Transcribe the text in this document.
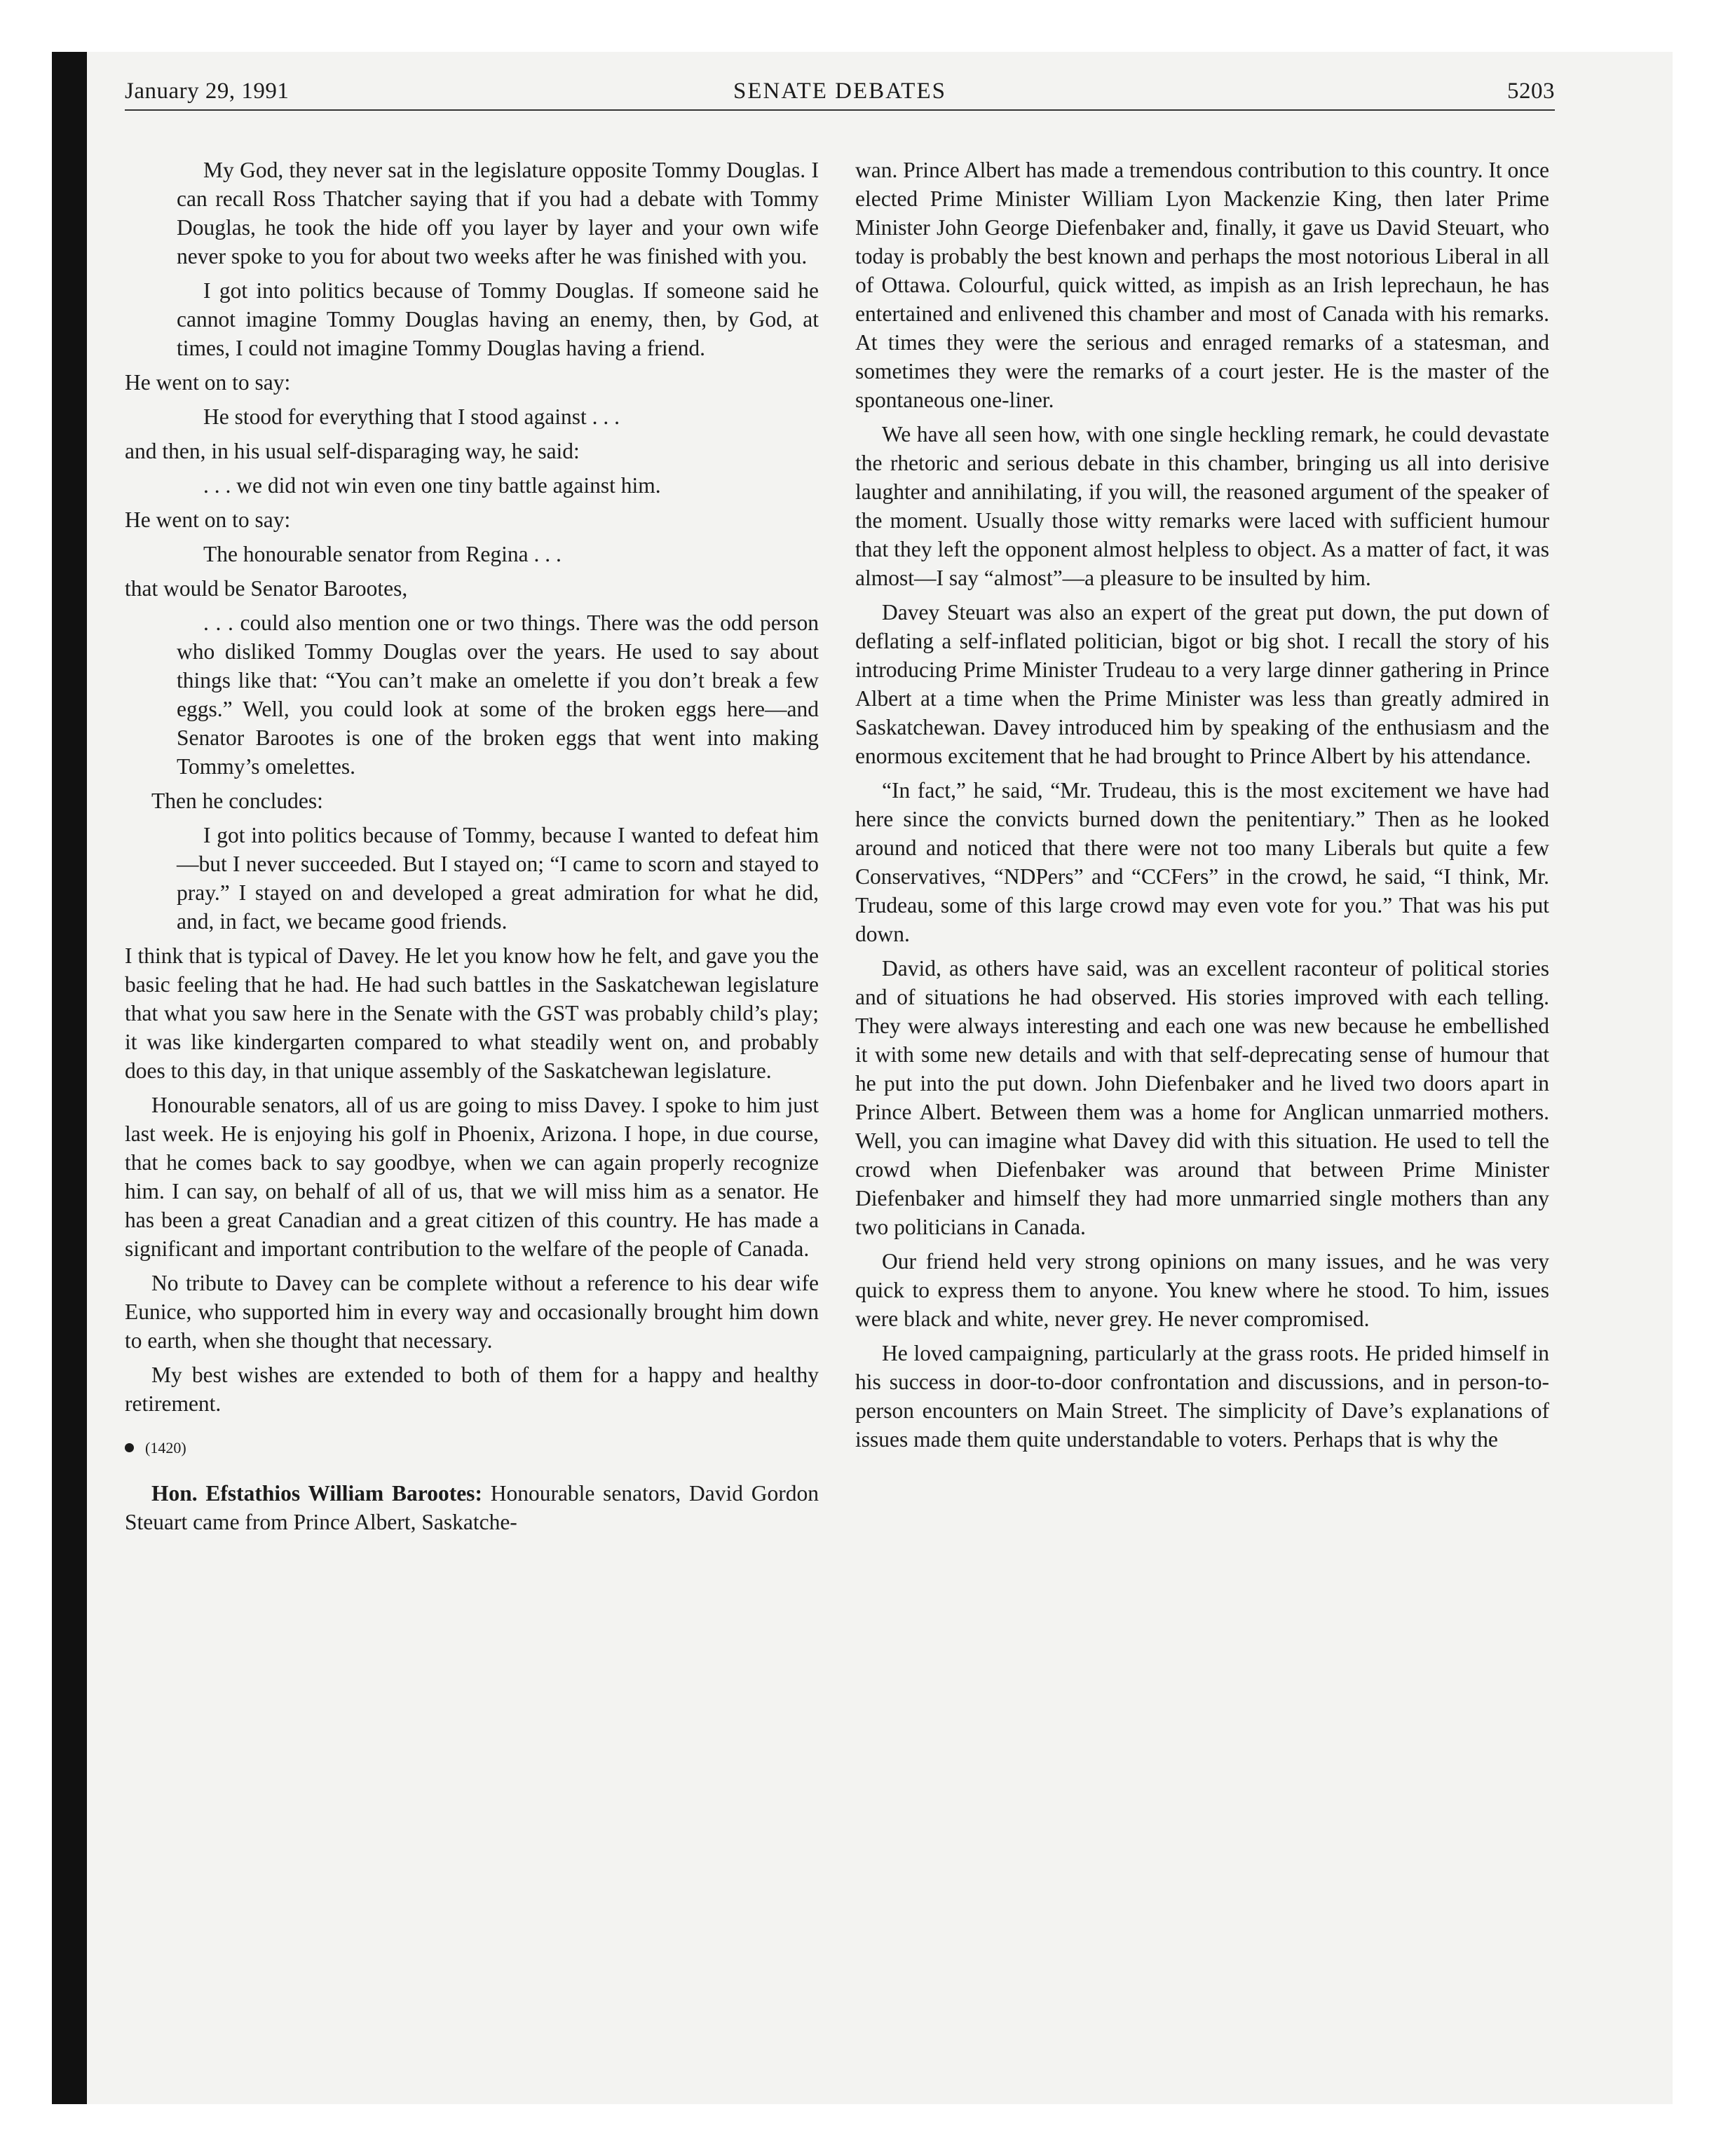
January 29, 1991	SENATE DEBATES	5203

My God, they never sat in the legislature opposite Tommy Douglas. I can recall Ross Thatcher saying that if you had a debate with Tommy Douglas, he took the hide off you layer by layer and your own wife never spoke to you for about two weeks after he was finished with you.

I got into politics because of Tommy Douglas. If someone said he cannot imagine Tommy Douglas having an enemy, then, by God, at times, I could not imagine Tommy Douglas having a friend.

He went on to say:

He stood for everything that I stood against . . .

and then, in his usual self-disparaging way, he said:

. . . we did not win even one tiny battle against him.

He went on to say:

The honourable senator from Regina . . .

that would be Senator Barootes,

. . . could also mention one or two things. There was the odd person who disliked Tommy Douglas over the years. He used to say about things like that: “You can’t make an omelette if you don’t break a few eggs.” Well, you could look at some of the broken eggs here—and Senator Barootes is one of the broken eggs that went into making Tommy’s omelettes.

Then he concludes:

I got into politics because of Tommy, because I wanted to defeat him—but I never succeeded. But I stayed on; “I came to scorn and stayed to pray.” I stayed on and developed a great admiration for what he did, and, in fact, we became good friends.

I think that is typical of Davey. He let you know how he felt, and gave you the basic feeling that he had. He had such battles in the Saskatchewan legislature that what you saw here in the Senate with the GST was probably child’s play; it was like kindergarten compared to what steadily went on, and probably does to this day, in that unique assembly of the Saskatchewan legislature.

Honourable senators, all of us are going to miss Davey. I spoke to him just last week. He is enjoying his golf in Phoenix, Arizona. I hope, in due course, that he comes back to say goodbye, when we can again properly recognize him. I can say, on behalf of all of us, that we will miss him as a senator. He has been a great Canadian and a great citizen of this country. He has made a significant and important contribution to the welfare of the people of Canada.

No tribute to Davey can be complete without a reference to his dear wife Eunice, who supported him in every way and occasionally brought him down to earth, when she thought that necessary.

My best wishes are extended to both of them for a happy and healthy retirement.

(1420)

Hon. Efstathios William Barootes: Honourable senators, David Gordon Steuart came from Prince Albert, Saskatche-

wan. Prince Albert has made a tremendous contribution to this country. It once elected Prime Minister William Lyon Mackenzie King, then later Prime Minister John George Diefenbaker and, finally, it gave us David Steuart, who today is probably the best known and perhaps the most notorious Liberal in all of Ottawa. Colourful, quick witted, as impish as an Irish leprechaun, he has entertained and enlivened this chamber and most of Canada with his remarks. At times they were the serious and enraged remarks of a statesman, and sometimes they were the remarks of a court jester. He is the master of the spontaneous one-liner.

We have all seen how, with one single heckling remark, he could devastate the rhetoric and serious debate in this chamber, bringing us all into derisive laughter and annihilating, if you will, the reasoned argument of the speaker of the moment. Usually those witty remarks were laced with sufficient humour that they left the opponent almost helpless to object. As a matter of fact, it was almost—I say “almost”—a pleasure to be insulted by him.

Davey Steuart was also an expert of the great put down, the put down of deflating a self-inflated politician, bigot or big shot. I recall the story of his introducing Prime Minister Trudeau to a very large dinner gathering in Prince Albert at a time when the Prime Minister was less than greatly admired in Saskatchewan. Davey introduced him by speaking of the enthusiasm and the enormous excitement that he had brought to Prince Albert by his attendance.

“In fact,” he said, “Mr. Trudeau, this is the most excitement we have had here since the convicts burned down the penitentiary.” Then as he looked around and noticed that there were not too many Liberals but quite a few Conservatives, “NDPers” and “CCFers” in the crowd, he said, “I think, Mr. Trudeau, some of this large crowd may even vote for you.” That was his put down.

David, as others have said, was an excellent raconteur of political stories and of situations he had observed. His stories improved with each telling. They were always interesting and each one was new because he embellished it with some new details and with that self-deprecating sense of humour that he put into the put down. John Diefenbaker and he lived two doors apart in Prince Albert. Between them was a home for Anglican unmarried mothers. Well, you can imagine what Davey did with this situation. He used to tell the crowd when Diefenbaker was around that between Prime Minister Diefenbaker and himself they had more unmarried single mothers than any two politicians in Canada.

Our friend held very strong opinions on many issues, and he was very quick to express them to anyone. You knew where he stood. To him, issues were black and white, never grey. He never compromised.

He loved campaigning, particularly at the grass roots. He prided himself in his success in door-to-door confrontation and discussions, and in person-to-person encounters on Main Street. The simplicity of Dave’s explanations of issues made them quite understandable to voters. Perhaps that is why the
